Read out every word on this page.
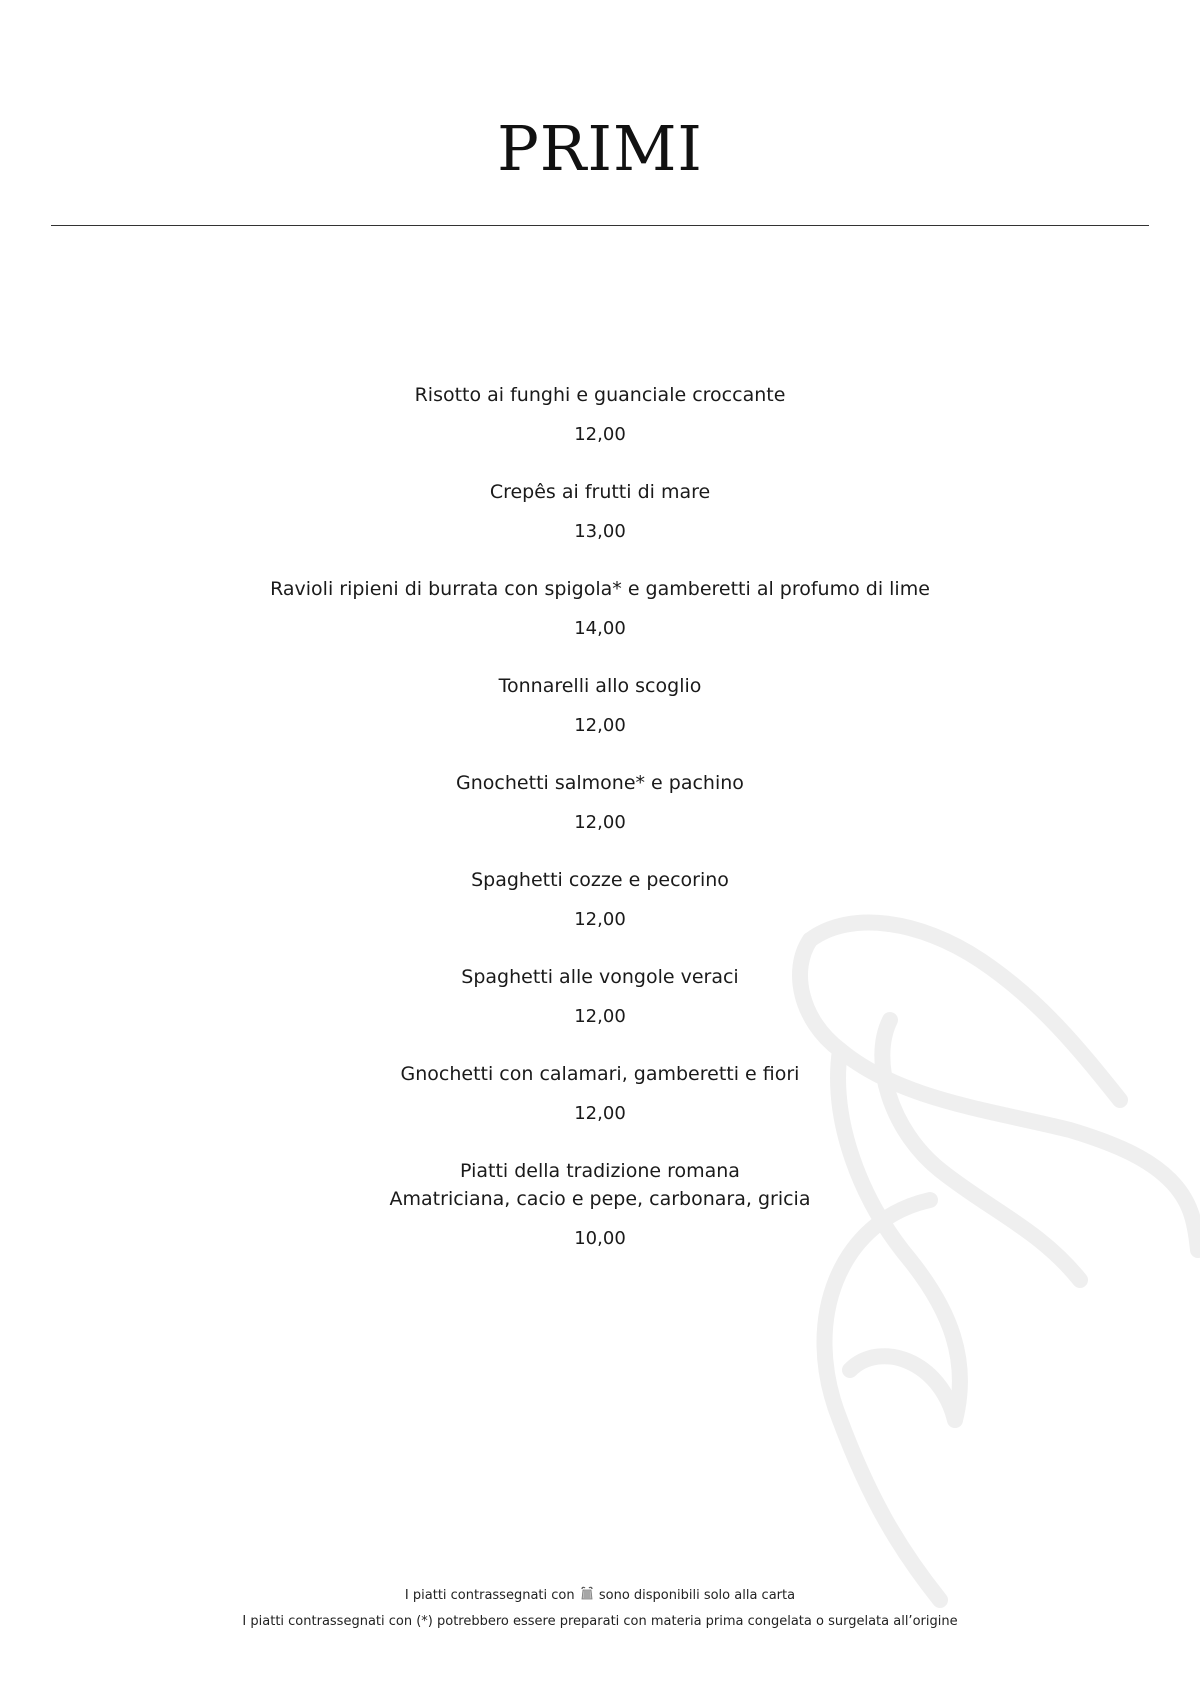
PRIMI
Risotto ai funghi e guanciale croccante
12,00
Crepês ai frutti di mare
13,00
Ravioli ripieni di burrata con spigola* e gamberetti al profumo di lime
14,00
Tonnarelli allo scoglio
12,00
Gnochetti salmone* e pachino
12,00
Spaghetti cozze e pecorino
12,00
Spaghetti alle vongole veraci
12,00
Gnochetti con calamari, gamberetti e fiori
12,00
Piatti della tradizione romana
Amatriciana, cacio e pepe, carbonara, gricia
10,00
I piatti contrassegnati con  sono disponibili solo alla carta
I piatti contrassegnati con (*) potrebbero essere preparati con materia prima congelata o surgelata all’origine
